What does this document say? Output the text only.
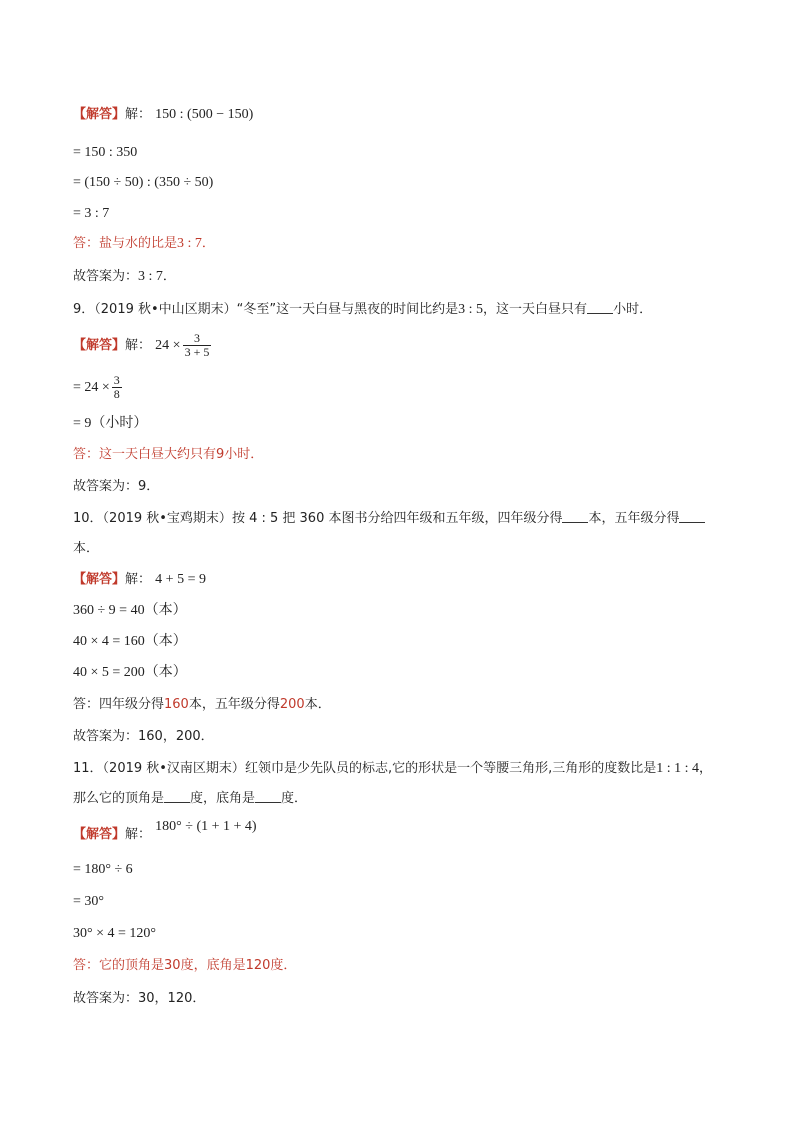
【解答】解： 150 : (500 − 150)
= 150 : 350
= (150 ÷ 50) : (350 ÷ 50)
= 3 : 7
答：盐与水的比是3 : 7．
故答案为：3 : 7．
9．（2019 秋•中山区期末）“冬至”这一天白昼与黑夜的时间比约是3 : 5，这一天白昼只有 小时．
【解答】解： $24 \times \frac{3}{3 + 5}$
= $24 \times \frac{3}{8}$
= 9（小时）
答：这一天白昼大约只有9小时．
故答案为：9．
10．（2019 秋•宝鸡期末）按 4 : 5 把 360 本图书分给四年级和五年级，四年级分得 本，五年级分得
本．
【解答】解： 4 + 5 = 9
360 ÷ 9 = 40（本）
40 × 4 = 160（本）
40 × 5 = 200（本）
答：四年级分得160本，五年级分得200本．
故答案为：160，200．
11．（2019 秋•汉南区期末）红领巾是少先队员的标志,它的形状是一个等腰三角形,三角形的度数比是1 : 1 : 4，
那么它的顶角是 度，底角是 度．
【解答】解： 180° ÷ (1 + 1 + 4)
= 180° ÷ 6
= 30°
30° × 4 = 120°
答：它的顶角是30度，底角是120度．
故答案为：30，120．
